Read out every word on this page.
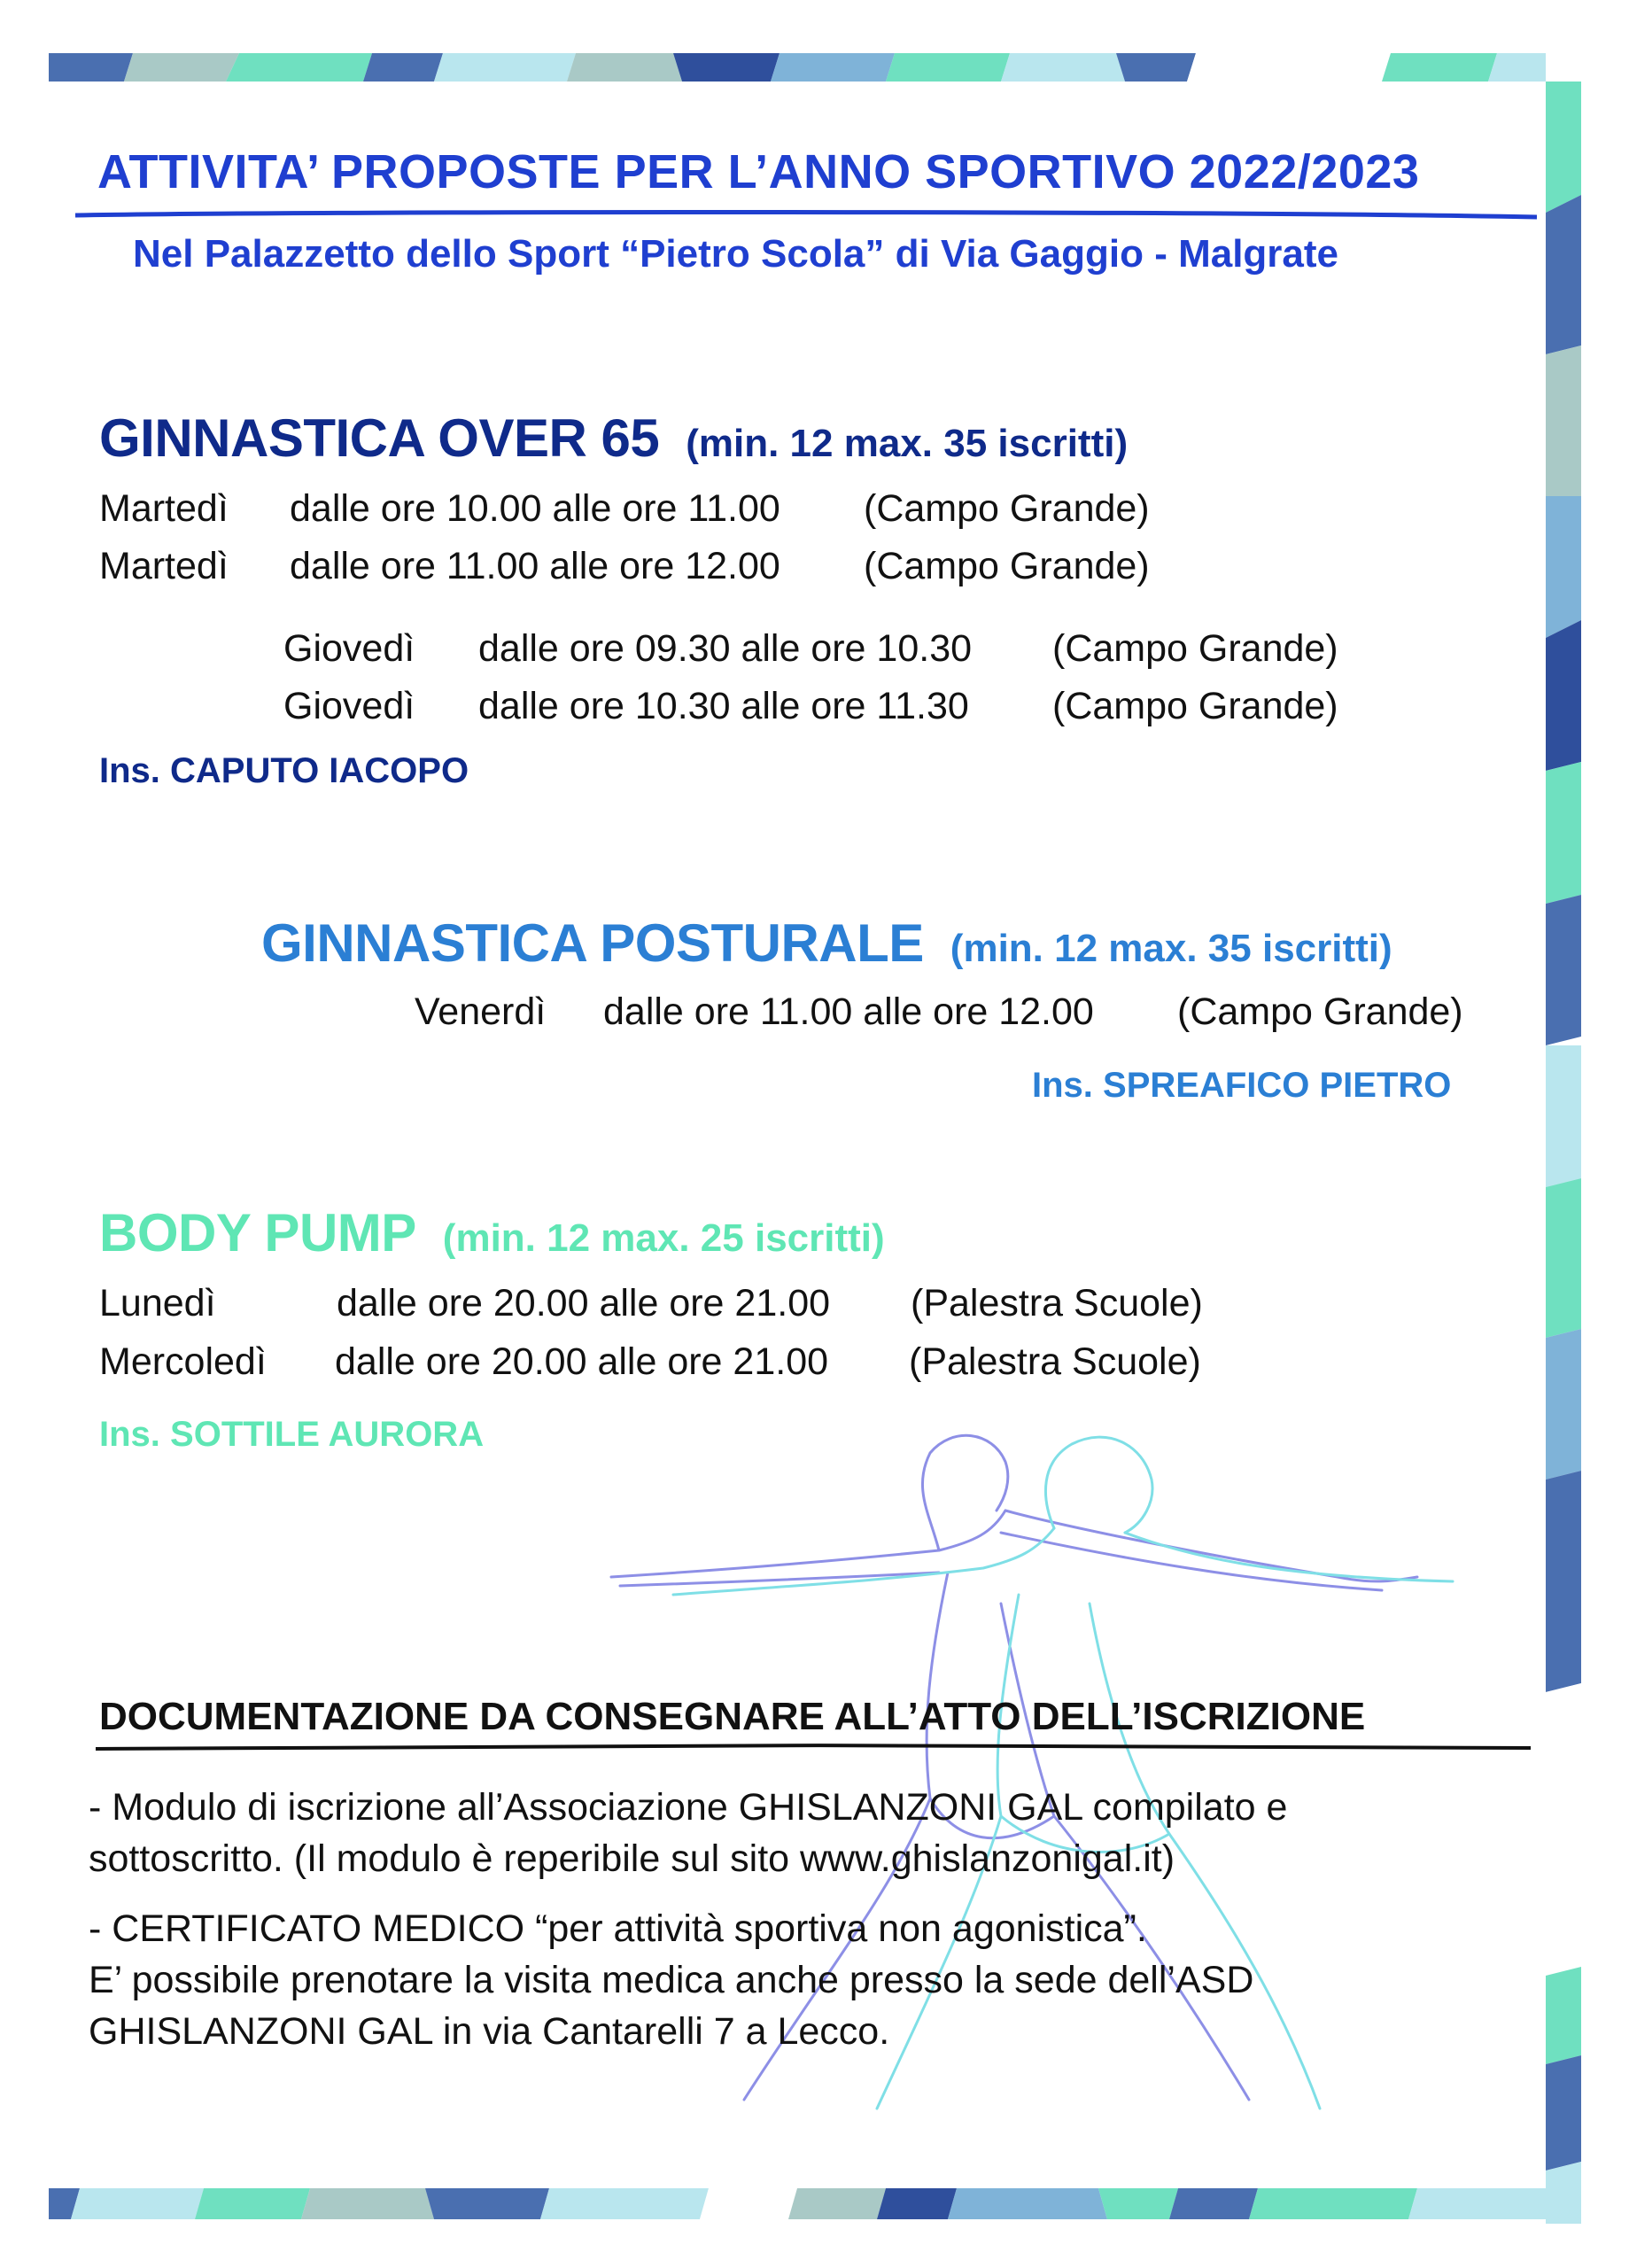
ATTIVITA’ PROPOSTE PER L’ANNO SPORTIVO 2022/2023
Nel Palazzetto dello Sport “Pietro Scola” di Via Gaggio - Malgrate
GINNASTICA OVER 65 (min. 12 max. 35 iscritti)
Martedì dalle ore 10.00 alle ore 11.00 (Campo Grande)
Martedì dalle ore 11.00 alle ore 12.00 (Campo Grande)
Giovedì dalle ore 09.30 alle ore 10.30 (Campo Grande)
Giovedì dalle ore 10.30 alle ore 11.30 (Campo Grande)
Ins. CAPUTO IACOPO
GINNASTICA POSTURALE (min. 12 max. 35 iscritti)
Venerdì dalle ore 11.00 alle ore 12.00 (Campo Grande)
Ins. SPREAFICO PIETRO
BODY PUMP (min. 12 max. 25 iscritti)
Lunedì	dalle ore 20.00 alle ore 21.00 (Palestra Scuole)
Mercoledì dalle ore 20.00 alle ore 21.00 (Palestra Scuole)
Ins. SOTTILE AURORA
DOCUMENTAZIONE DA CONSEGNARE ALL’ATTO DELL’ISCRIZIONE
- Modulo di iscrizione all’Associazione GHISLANZONI GAL compilato e
sottoscritto. (Il modulo è reperibile sul sito www.ghislanzonigal.it)
- CERTIFICATO MEDICO “per attività sportiva non agonistica”.
E’ possibile prenotare la visita medica anche presso la sede dell’ASD
GHISLANZONI GAL in via Cantarelli 7 a Lecco.
